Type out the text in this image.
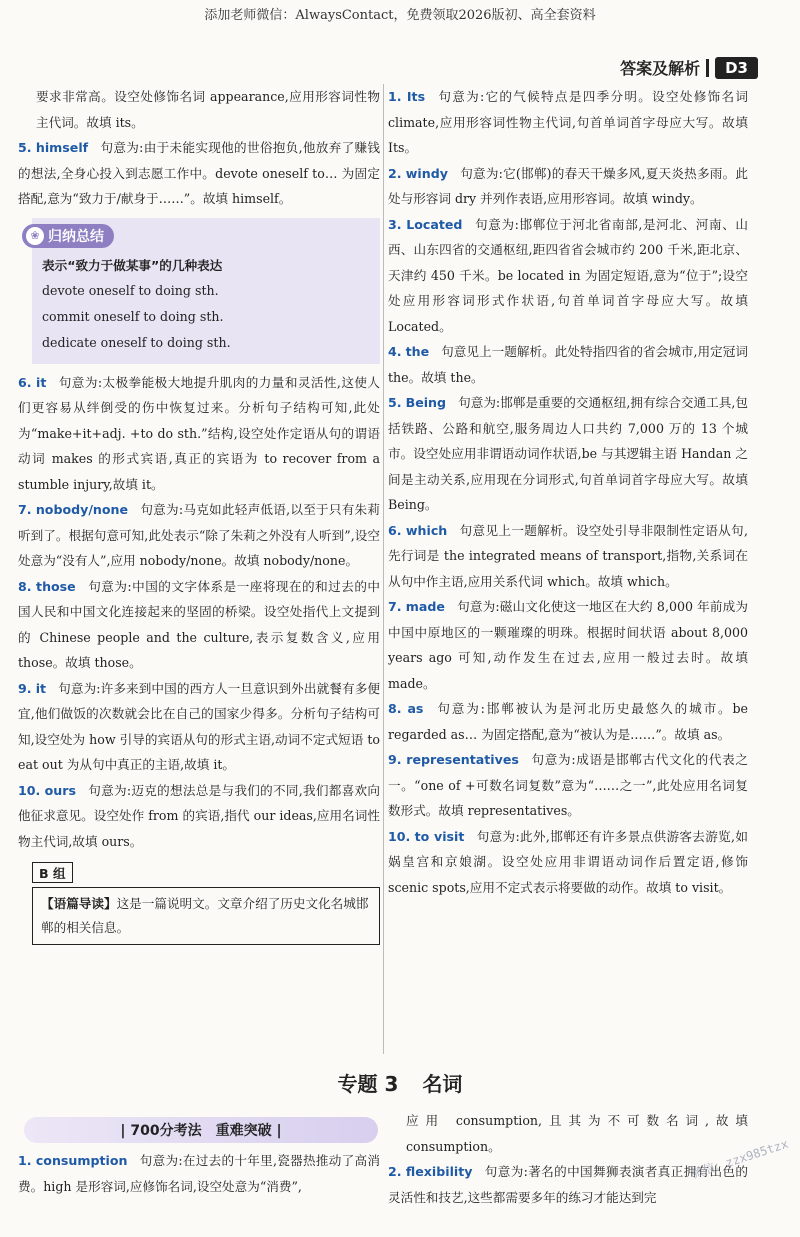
添加老师微信：AlwaysContact，免费领取2026版初、高全套资料
答案及解析	D3

要求非常高。设空处修饰名词 appearance,应用形容词性物主代词。故填 its。

5. himself 句意为:由于未能实现他的世俗抱负,他放弃了赚钱的想法,全身心投入到志愿工作中。devote oneself to… 为固定搭配,意为“致力于/献身于……”。故填 himself。

❀ 归纳总结
表示“致力于做某事”的几种表达
devote oneself to doing sth.
commit oneself to doing sth.
dedicate oneself to doing sth.

6. it 句意为:太极拳能极大地提升肌肉的力量和灵活性,这使人们更容易从绊倒受的伤中恢复过来。分析句子结构可知,此处为“make+it+adj. +to do sth.”结构,设空处作定语从句的谓语动词 makes 的形式宾语,真正的宾语为 to recover from a stumble injury,故填 it。

7. nobody/none 句意为:马克如此轻声低语,以至于只有朱莉听到了。根据句意可知,此处表示“除了朱莉之外没有人听到”,设空处意为“没有人”,应用 nobody/none。故填 nobody/none。

8. those 句意为:中国的文字体系是一座将现在的和过去的中国人民和中国文化连接起来的坚固的桥梁。设空处指代上文提到的 Chinese people and the culture,表示复数含义,应用 those。故填 those。

9. it 句意为:许多来到中国的西方人一旦意识到外出就餐有多便宜,他们做饭的次数就会比在自己的国家少得多。分析句子结构可知,设空处为 how 引导的宾语从句的形式主语,动词不定式短语 to eat out 为从句中真正的主语,故填 it。

10. ours 句意为:迈克的想法总是与我们的不同,我们都喜欢向他征求意见。设空处作 from 的宾语,指代 our ideas,应用名词性物主代词,故填 ours。

B 组
【语篇导读】这是一篇说明文。文章介绍了历史文化名城邯郸的相关信息。

1. Its 句意为:它的气候特点是四季分明。设空处修饰名词 climate,应用形容词性物主代词,句首单词首字母应大写。故填 Its。

2. windy 句意为:它(邯郸)的春天干燥多风,夏天炎热多雨。此处与形容词 dry 并列作表语,应用形容词。故填 windy。

3. Located 句意为:邯郸位于河北省南部,是河北、河南、山西、山东四省的交通枢纽,距四省省会城市约 200 千米,距北京、天津约 450 千米。be located in 为固定短语,意为“位于”;设空处应用形容词形式作状语,句首单词首字母应大写。故填 Located。

4. the 句意见上一题解析。此处特指四省的省会城市,用定冠词 the。故填 the。

5. Being 句意为:邯郸是重要的交通枢纽,拥有综合交通工具,包括铁路、公路和航空,服务周边人口共约 7,000 万的 13 个城市。设空处应用非谓语动词作状语,be 与其逻辑主语 Handan 之间是主动关系,应用现在分词形式,句首单词首字母应大写。故填 Being。

6. which 句意见上一题解析。设空处引导非限制性定语从句,先行词是 the integrated means of transport,指物,关系词在从句中作主语,应用关系代词 which。故填 which。

7. made 句意为:磁山文化使这一地区在大约 8,000 年前成为中国中原地区的一颗璀璨的明珠。根据时间状语 about 8,000 years ago 可知,动作发生在过去,应用一般过去时。故填 made。

8. as 句意为:邯郸被认为是河北历史最悠久的城市。be regarded as… 为固定搭配,意为“被认为是……”。故填 as。

9. representatives 句意为:成语是邯郸古代文化的代表之一。“one of +可数名词复数”意为“……之一”,此处应用名词复数形式。故填 representatives。

10. to visit 句意为:此外,邯郸还有许多景点供游客去游览,如娲皇宫和京娘湖。设空处应用非谓语动词作后置定语,修饰 scenic spots,应用不定式表示将要做的动作。故填 to visit。

专题 3 名词
| 700分考法　重难突破 |

1. consumption 句意为:在过去的十年里,瓷器热推动了高消费。high 是形容词,应修饰名词,设空处意为“消费”,

应用 consumption,且其为不可数名词,故填 consumption。

2. flexibility 句意为:著名的中国舞狮表演者真正拥有出色的灵活性和技艺,这些都需要多年的练习才能达到完

微信：zzx985tzx
